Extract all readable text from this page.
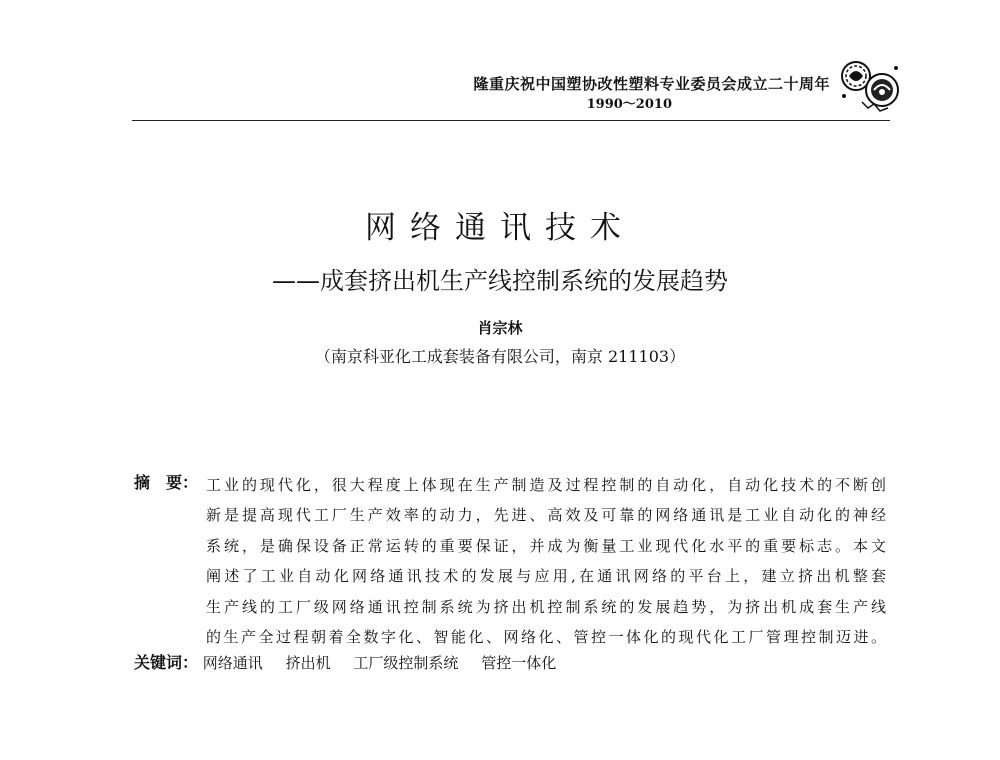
隆重庆祝中国塑协改性塑料专业委员会成立二十周年
1990～2010
网络通讯技术
——成套挤出机生产线控制系统的发展趋势
肖宗林
（南京科亚化工成套装备有限公司，南京 211103）
摘　要： 工业的现代化，很大程度上体现在生产制造及过程控制的自动化，自动化技术的不断创
新是提高现代工厂生产效率的动力，先进、高效及可靠的网络通讯是工业自动化的神经
系统，是确保设备正常运转的重要保证，并成为衡量工业现代化水平的重要标志。本文
阐述了工业自动化网络通讯技术的发展与应用,在通讯网络的平台上，建立挤出机整套
生产线的工厂级网络通讯控制系统为挤出机控制系统的发展趋势，为挤出机成套生产线
的生产全过程朝着全数字化、智能化、网络化、管控一体化的现代化工厂管理控制迈进。
关键词： 网络通讯 挤出机 工厂级控制系统 管控一体化
